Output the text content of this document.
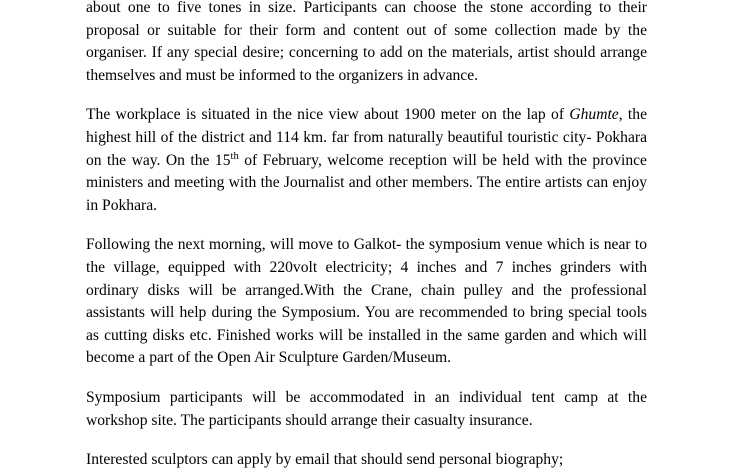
about one to five tones in size. Participants can choose the stone according to their proposal or suitable for their form and content out of some collection made by the organiser. If any special desire; concerning to add on the materials, artist should arrange themselves and must be informed to the organizers in advance.

The workplace is situated in the nice view about 1900 meter on the lap of Ghumte, the highest hill of the district and 114 km. far from naturally beautiful touristic city- Pokhara on the way. On the 15th of February, welcome reception will be held with the province ministers and meeting with the Journalist and other members. The entire artists can enjoy in Pokhara.

Following the next morning, will move to Galkot- the symposium venue which is near to the village, equipped with 220volt electricity; 4 inches and 7 inches grinders with ordinary disks will be arranged.With the Crane, chain pulley and the professional assistants will help during the Symposium. You are recommended to bring special tools as cutting disks etc. Finished works will be installed in the same garden and which will become a part of the Open Air Sculpture Garden/Museum.

Symposium participants will be accommodated in an individual tent camp at the workshop site. The participants should arrange their casualty insurance.

Interested sculptors can apply by email that should send personal biography;
